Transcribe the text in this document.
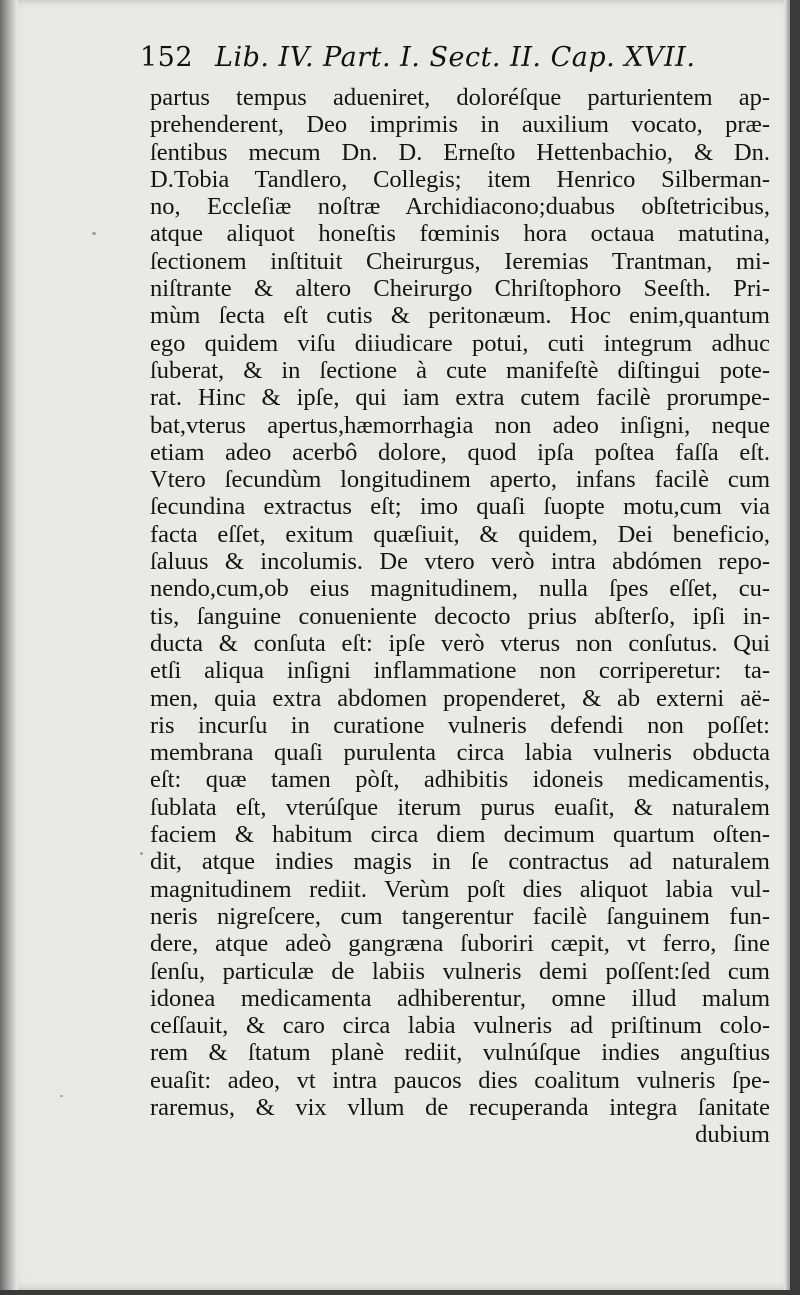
152 Lib. IV. Part. I. Sect. II. Cap. XVII.
partus tempus adueniret, doloréſque parturientem ap-
prehenderent, Deo imprimis in auxilium vocato, præ-
ſentibus mecum Dn. D. Erneſto Hettenbachio, & Dn.
D.Tobia Tandlero, Collegis; item Henrico Silberman-
no, Eccleſiæ noſtræ Archidiacono;duabus obſtetricibus,
atque aliquot honeſtis fœminis hora octaua matutina,
ſectionem inſtituit Cheirurgus, Ieremias Trantman, mi-
niſtrante & altero Cheirurgo Chriſtophoro Seeſth. Pri-
mùm ſecta eſt cutis & peritonæum. Hoc enim,quantum
ego quidem viſu diiudicare potui, cuti integrum adhuc
ſuberat, & in ſectione à cute manifeſtè diſtingui pote-
rat. Hinc & ipſe, qui iam extra cutem facilè prorumpe-
bat,vterus apertus,hæmorrhagia non adeo inſigni, neque
etiam adeo acerbô dolore, quod ipſa poſtea faſſa eſt.
Vtero ſecundùm longitudinem aperto, infans facilè cum
ſecundina extractus eſt; imo quaſi ſuopte motu,cum via
facta eſſet, exitum quæſiuit, & quidem, Dei beneficio,
ſaluus & incolumis. De vtero verò intra abdómen repo-
nendo,cum,ob eius magnitudinem, nulla ſpes eſſet, cu-
tis, ſanguine conueniente decocto prius abſterſo, ipſi in-
ducta & conſuta eſt: ipſe verò vterus non conſutus. Qui
etſi aliqua inſigni inflammatione non corriperetur: ta-
men, quia extra abdomen propenderet, & ab externi aë-
ris incurſu in curatione vulneris defendi non poſſet:
membrana quaſi purulenta circa labia vulneris obducta
eſt: quæ tamen pòſt, adhibitis idoneis medicamentis,
ſublata eſt, vterúſque iterum purus euaſit, & naturalem
faciem & habitum circa diem decimum quartum oſten-
dit, atque indies magis in ſe contractus ad naturalem
magnitudinem rediit. Verùm poſt dies aliquot labia vul-
neris nigreſcere, cum tangerentur facilè ſanguinem fun-
dere, atque adeò gangræna ſuboriri cæpit, vt ferro, ſine
ſenſu, particulæ de labiis vulneris demi poſſent:ſed cum
idonea medicamenta adhiberentur, omne illud malum
ceſſauit, & caro circa labia vulneris ad priſtinum colo-
rem & ſtatum planè rediit, vulnúſque indies anguſtius
euaſit: adeo, vt intra paucos dies coalitum vulneris ſpe-
raremus, & vix vllum de recuperanda integra ſanitate
dubium
